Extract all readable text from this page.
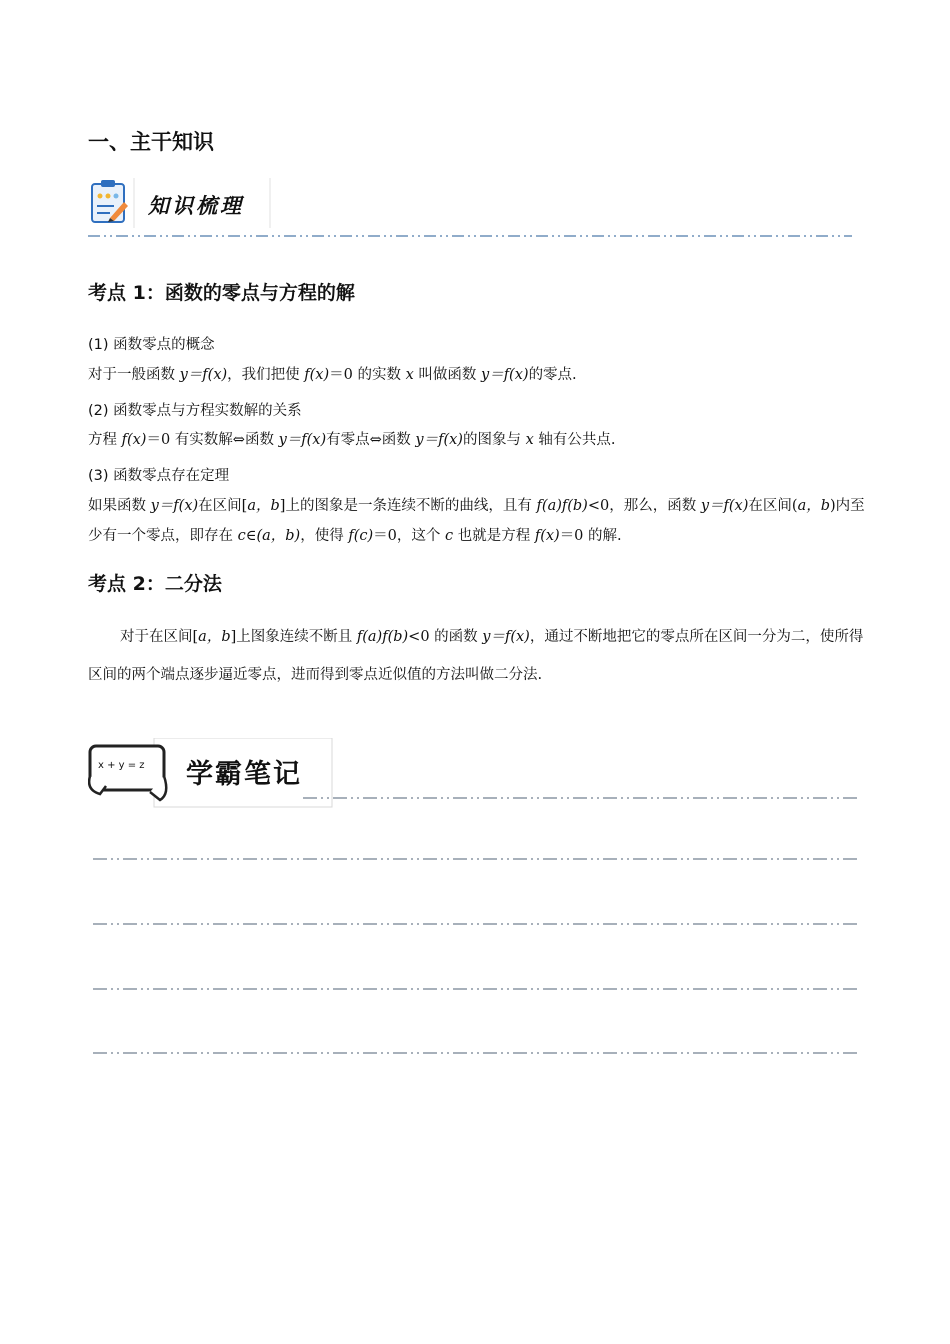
一、主干知识
知识梳理
考点 1：函数的零点与方程的解
(1) 函数零点的概念
对于一般函数 y＝f(x)，我们把使 f(x)＝0 的实数 x 叫做函数 y＝f(x)的零点.
(2) 函数零点与方程实数解的关系
方程 f(x)＝0 有实数解⇔函数 y＝f(x)有零点⇔函数 y＝f(x)的图象与 x 轴有公共点.
(3) 函数零点存在定理
如果函数 y＝f(x)在区间[a，b]上的图象是一条连续不断的曲线，且有 f(a)f(b)<0，那么，函数 y＝f(x)在区间(a，b)内至少有一个零点，即存在 c∈(a，b)，使得 f(c)＝0，这个 c 也就是方程 f(x)＝0 的解.
考点 2：二分法
对于在区间[a，b]上图象连续不断且 f(a)f(b)<0 的函数 y＝f(x)，通过不断地把它的零点所在区间一分为二，使所得区间的两个端点逐步逼近零点，进而得到零点近似值的方法叫做二分法.
x + y = z 学霸笔记
